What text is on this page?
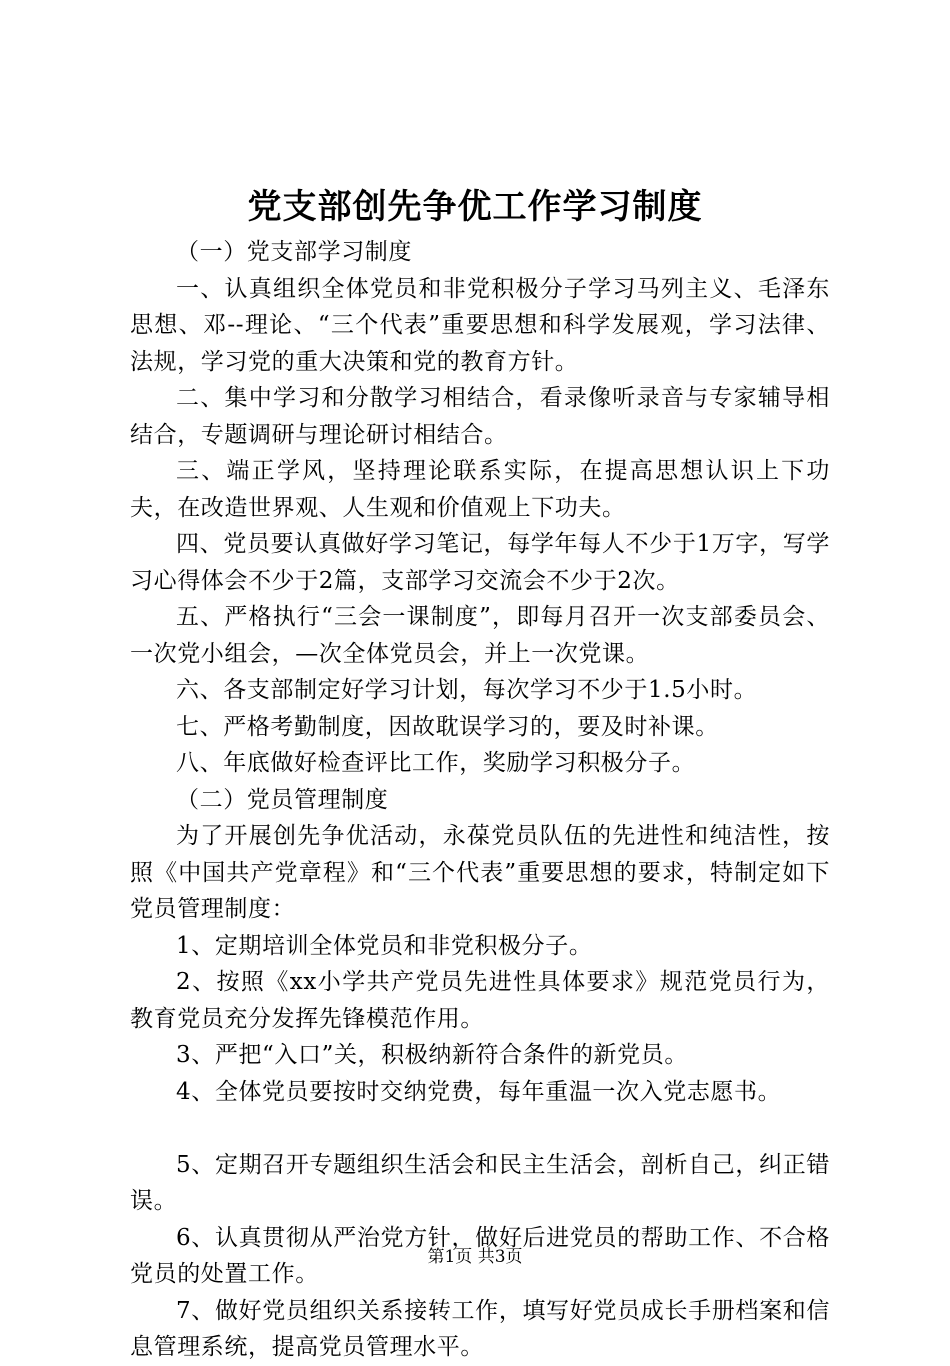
党支部创先争优工作学习制度

（一）党支部学习制度

一、认真组织全体党员和非党积极分子学习马列主义、毛泽东思想、邓--理论、“三个代表”重要思想和科学发展观，学习法律、法规，学习党的重大决策和党的教育方针。

二、集中学习和分散学习相结合，看录像听录音与专家辅导相结合，专题调研与理论研讨相结合。

三、端正学风，坚持理论联系实际，在提高思想认识上下功夫，在改造世界观、人生观和价值观上下功夫。

四、党员要认真做好学习笔记，每学年每人不少于1万字，写学习心得体会不少于2篇，支部学习交流会不少于2次。

五、严格执行“三会一课制度”，即每月召开一次支部委员会、一次党小组会，—次全体党员会，并上一次党课。

六、各支部制定好学习计划，每次学习不少于1.5小时。

七、严格考勤制度，因故耽误学习的，要及时补课。

八、年底做好检查评比工作，奖励学习积极分子。

（二）党员管理制度

为了开展创先争优活动，永葆党员队伍的先进性和纯洁性，按照《中国共产党章程》和“三个代表”重要思想的要求，特制定如下党员管理制度：

1、定期培训全体党员和非党积极分子。

2、按照《xx小学共产党员先进性具体要求》规范党员行为，教育党员充分发挥先锋模范作用。

3、严把“入口”关，积极纳新符合条件的新党员。

4、全体党员要按时交纳党费，每年重温一次入党志愿书。

5、定期召开专题组织生活会和民主生活会，剖析自己，纠正错误。

6、认真贯彻从严治党方针，做好后进党员的帮助工作、不合格党员的处置工作。

7、做好党员组织关系接转工作，填写好党员成长手册档案和信息管理系统，提高党员管理水平。

第1页 共3页
